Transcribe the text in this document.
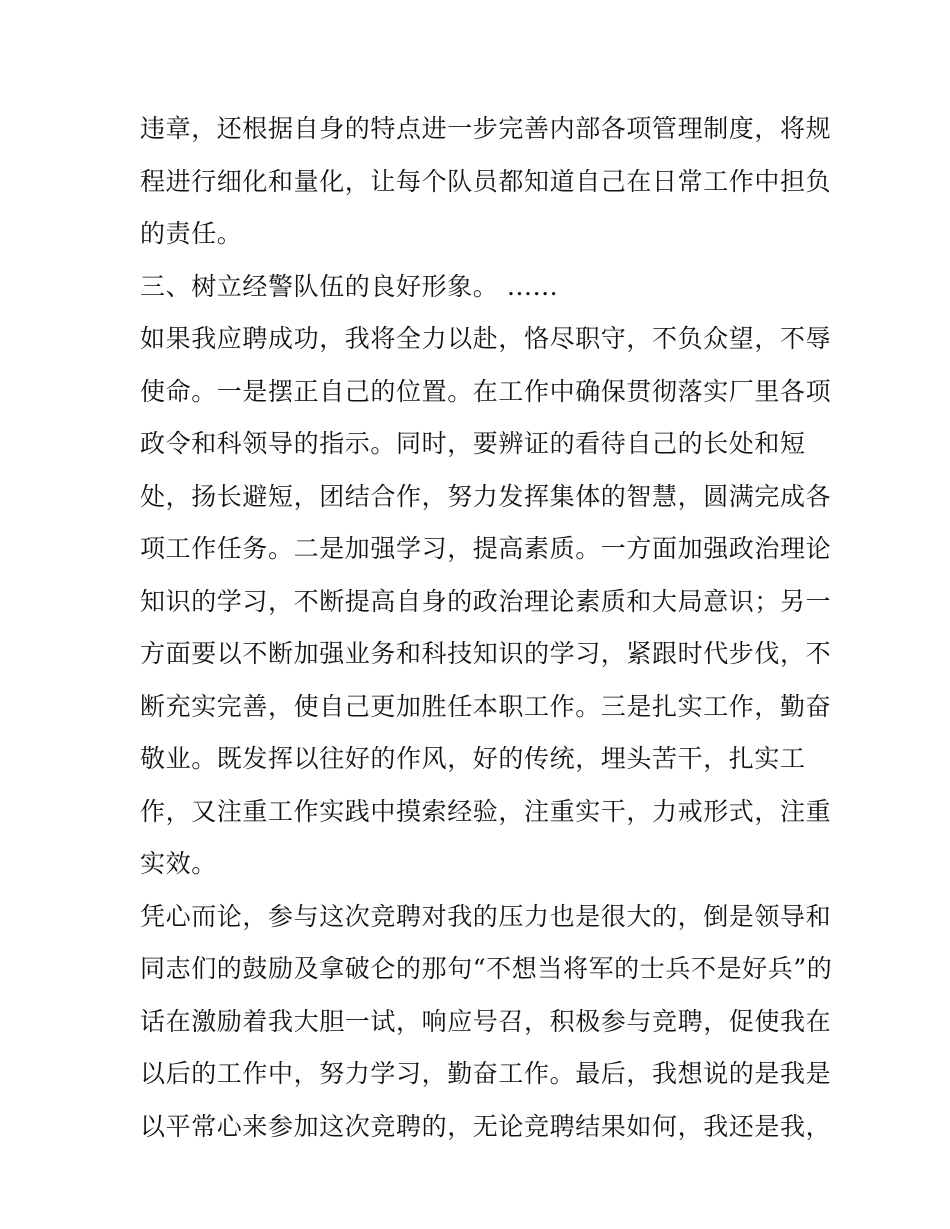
违章，还根据自身的特点进一步完善内部各项管理制度，将规
程进行细化和量化，让每个队员都知道自己在日常工作中担负
的责任。
三、树立经警队伍的良好形象。 ......
如果我应聘成功，我将全力以赴，恪尽职守，不负众望，不辱
使命。一是摆正自己的位置。在工作中确保贯彻落实厂里各项
政令和科领导的指示。同时，要辨证的看待自己的长处和短
处，扬长避短，团结合作，努力发挥集体的智慧，圆满完成各
项工作任务。二是加强学习，提高素质。一方面加强政治理论
知识的学习，不断提高自身的政治理论素质和大局意识；另一
方面要以不断加强业务和科技知识的学习，紧跟时代步伐，不
断充实完善，使自己更加胜任本职工作。三是扎实工作，勤奋
敬业。既发挥以往好的作风，好的传统，埋头苦干，扎实工
作，又注重工作实践中摸索经验，注重实干，力戒形式，注重
实效。
凭心而论，参与这次竞聘对我的压力也是很大的，倒是领导和
同志们的鼓励及拿破仑的那句“不想当将军的士兵不是好兵”的
话在激励着我大胆一试，响应号召，积极参与竞聘，促使我在
以后的工作中，努力学习，勤奋工作。最后，我想说的是我是
以平常心来参加这次竞聘的，无论竞聘结果如何，我还是我，
